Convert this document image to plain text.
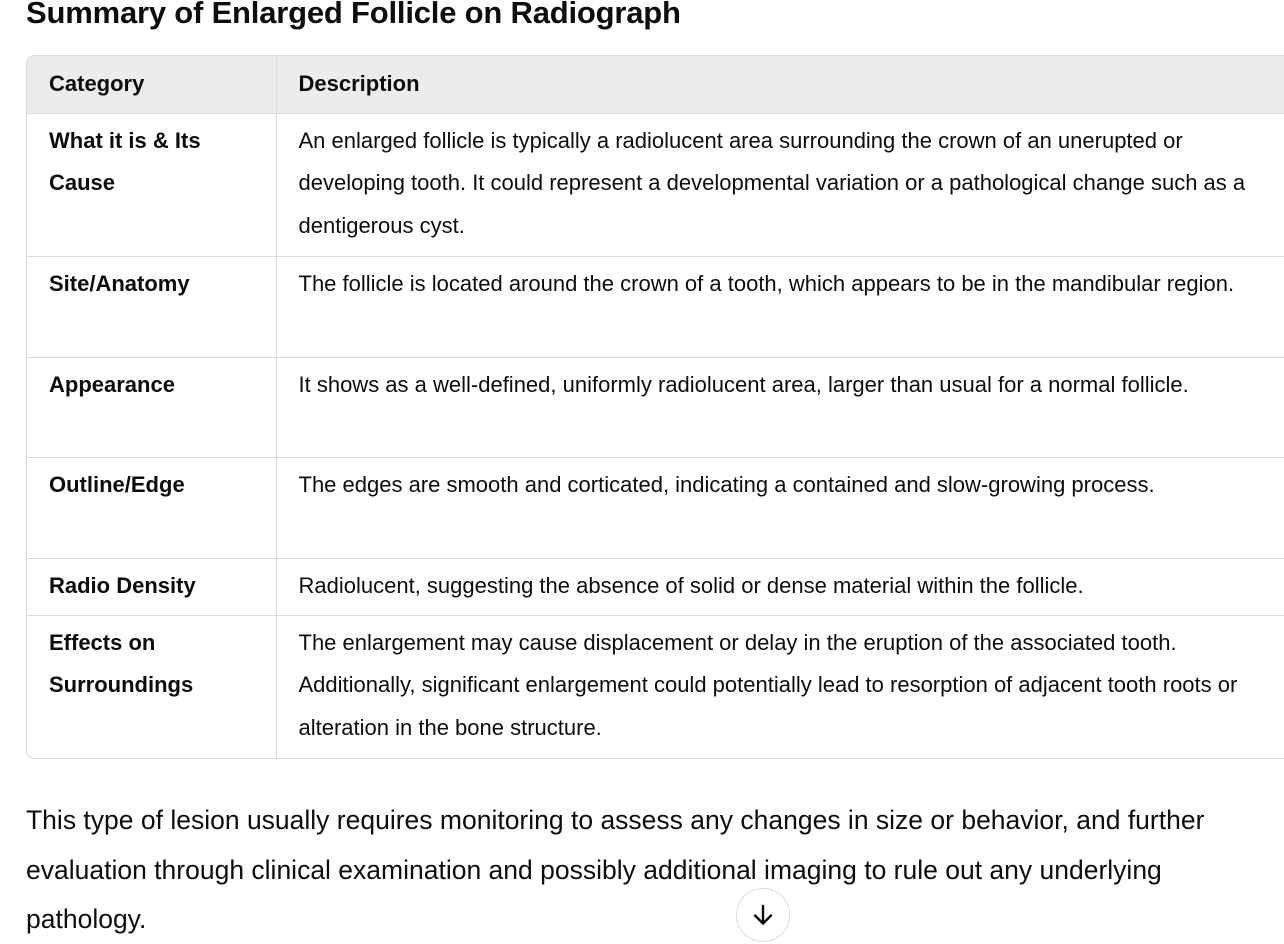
Summary of Enlarged Follicle on Radiograph
Category	Description

What it is & Its Cause	An enlarged follicle is typically a radiolucent area surrounding the crown of an unerupted or developing tooth. It could represent a developmental variation or a pathological change such as a dentigerous cyst.

Site/Anatomy	The follicle is located around the crown of a tooth, which appears to be in the mandibular region.

Appearance	It shows as a well-defined, uniformly radiolucent area, larger than usual for a normal follicle.

Outline/Edge	The edges are smooth and corticated, indicating a contained and slow-growing process.

Radio Density	Radiolucent, suggesting the absence of solid or dense material within the follicle.

Effects on Surroundings	The enlargement may cause displacement or delay in the eruption of the associated tooth. Additionally, significant enlargement could potentially lead to resorption of adjacent tooth roots or alteration in the bone structure.

This type of lesion usually requires monitoring to assess any changes in size or behavior, and further evaluation through clinical examination and possibly additional imaging to rule out any underlying pathology.
